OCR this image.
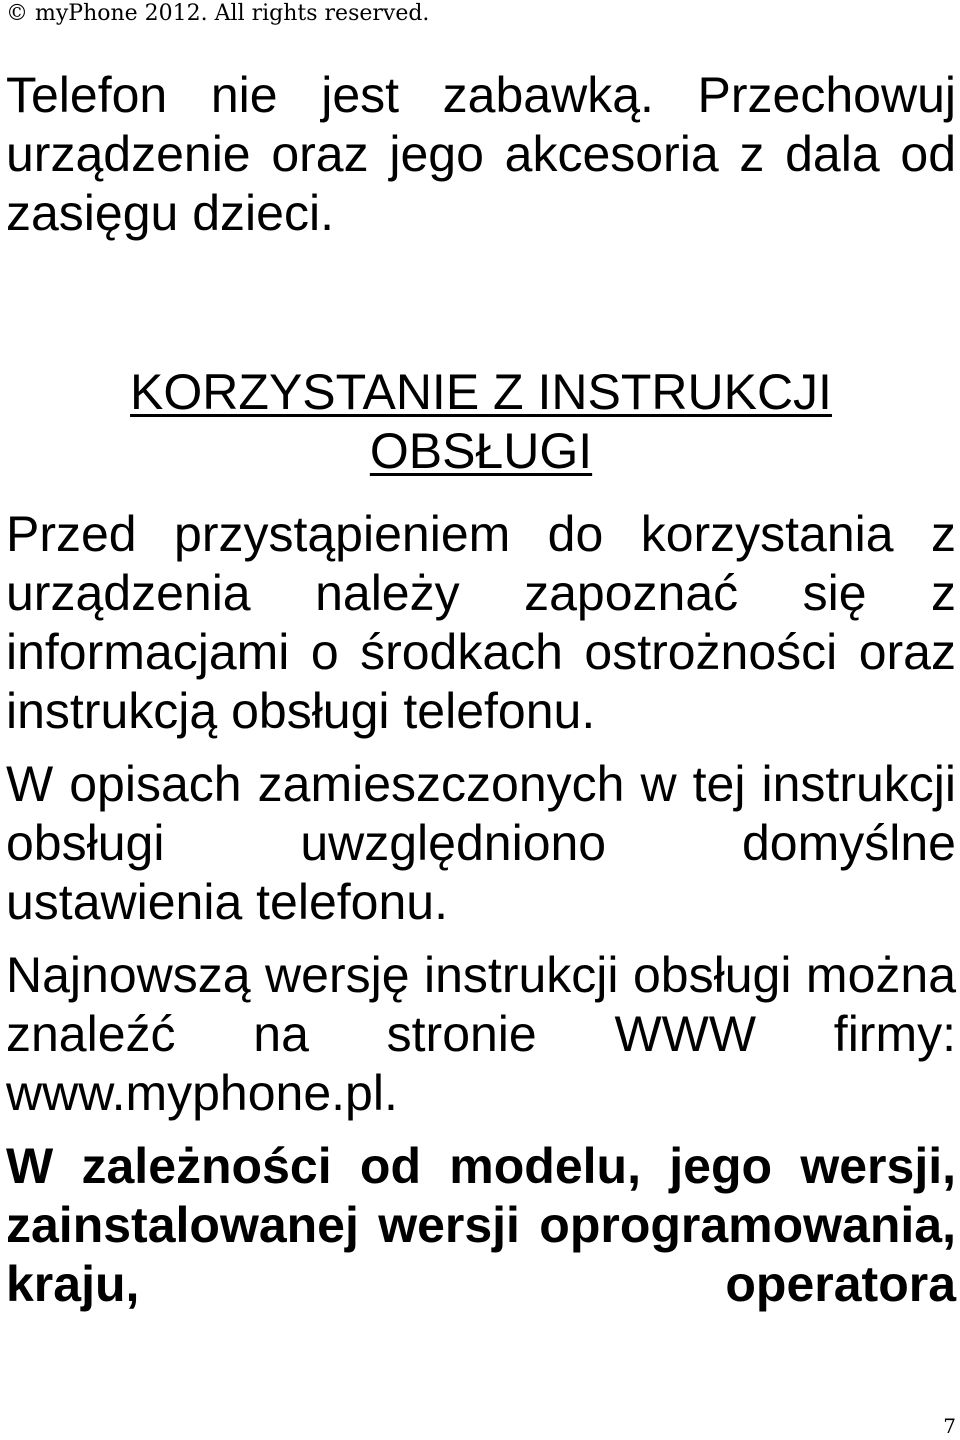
© myPhone 2012. All rights reserved.

Telefon nie jest zabawką. Przechowuj urządzenie oraz jego akcesoria z dala od zasięgu dzieci.

KORZYSTANIE Z INSTRUKCJI
OBSŁUGI

Przed przystąpieniem do korzystania z urządzenia należy zapoznać się z informacjami o środkach ostrożności oraz instrukcją obsługi telefonu.

W opisach zamieszczonych w tej instrukcji obsługi uwzględniono domyślne ustawienia telefonu.

Najnowszą wersję instrukcji obsługi można znaleźć na stronie WWW firmy: www.myphone.pl.

W zależności od modelu, jego wersji, zainstalowanej wersji oprogramowania, kraju, operatora

7
